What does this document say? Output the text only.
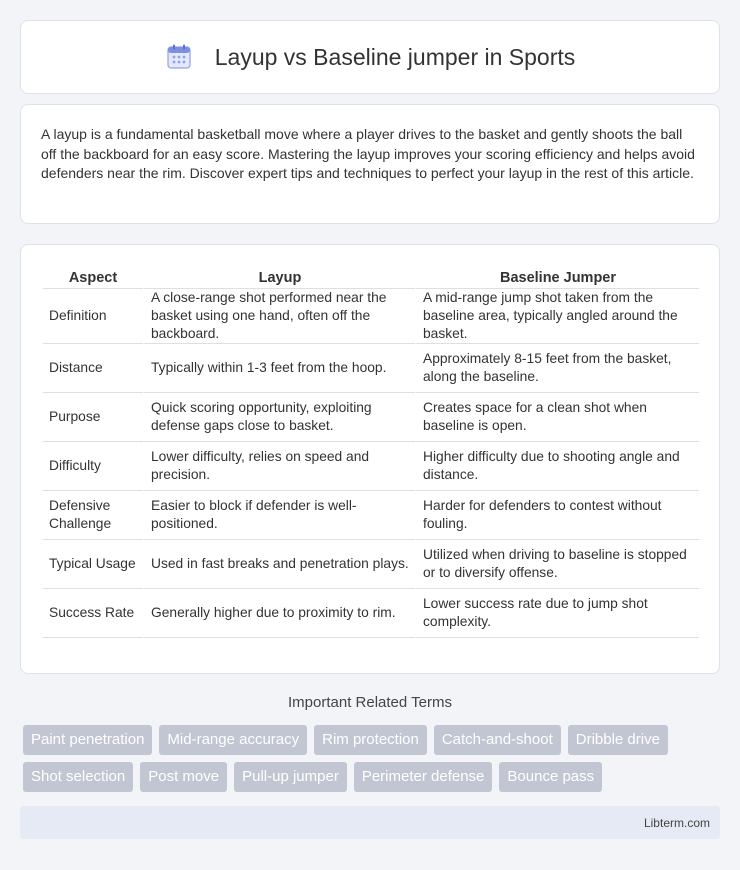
Layup vs Baseline jumper in Sports

A layup is a fundamental basketball move where a player drives to the basket and gently shoots the ball off the backboard for an easy score. Mastering the layup improves your scoring efficiency and helps avoid defenders near the rim. Discover expert tips and techniques to perfect your layup in the rest of this article.

Aspect	Layup	Baseline Jumper
Definition	A close-range shot performed near the basket using one hand, often off the backboard.	A mid-range jump shot taken from the baseline area, typically angled around the basket.
Distance	Typically within 1-3 feet from the hoop.	Approximately 8-15 feet from the basket, along the baseline.
Purpose	Quick scoring opportunity, exploiting defense gaps close to basket.	Creates space for a clean shot when baseline is open.
Difficulty	Lower difficulty, relies on speed and precision.	Higher difficulty due to shooting angle and distance.
Defensive Challenge	Easier to block if defender is well-positioned.	Harder for defenders to contest without fouling.
Typical Usage	Used in fast breaks and penetration plays.	Utilized when driving to baseline is stopped or to diversify offense.
Success Rate	Generally higher due to proximity to rim.	Lower success rate due to jump shot complexity.
Important Related Terms
Paint penetration	Mid-range accuracy	Rim protection	Catch-and-shoot	Dribble drive
Shot selection	Post move	Pull-up jumper	Perimeter defense	Bounce pass
Libterm.com
